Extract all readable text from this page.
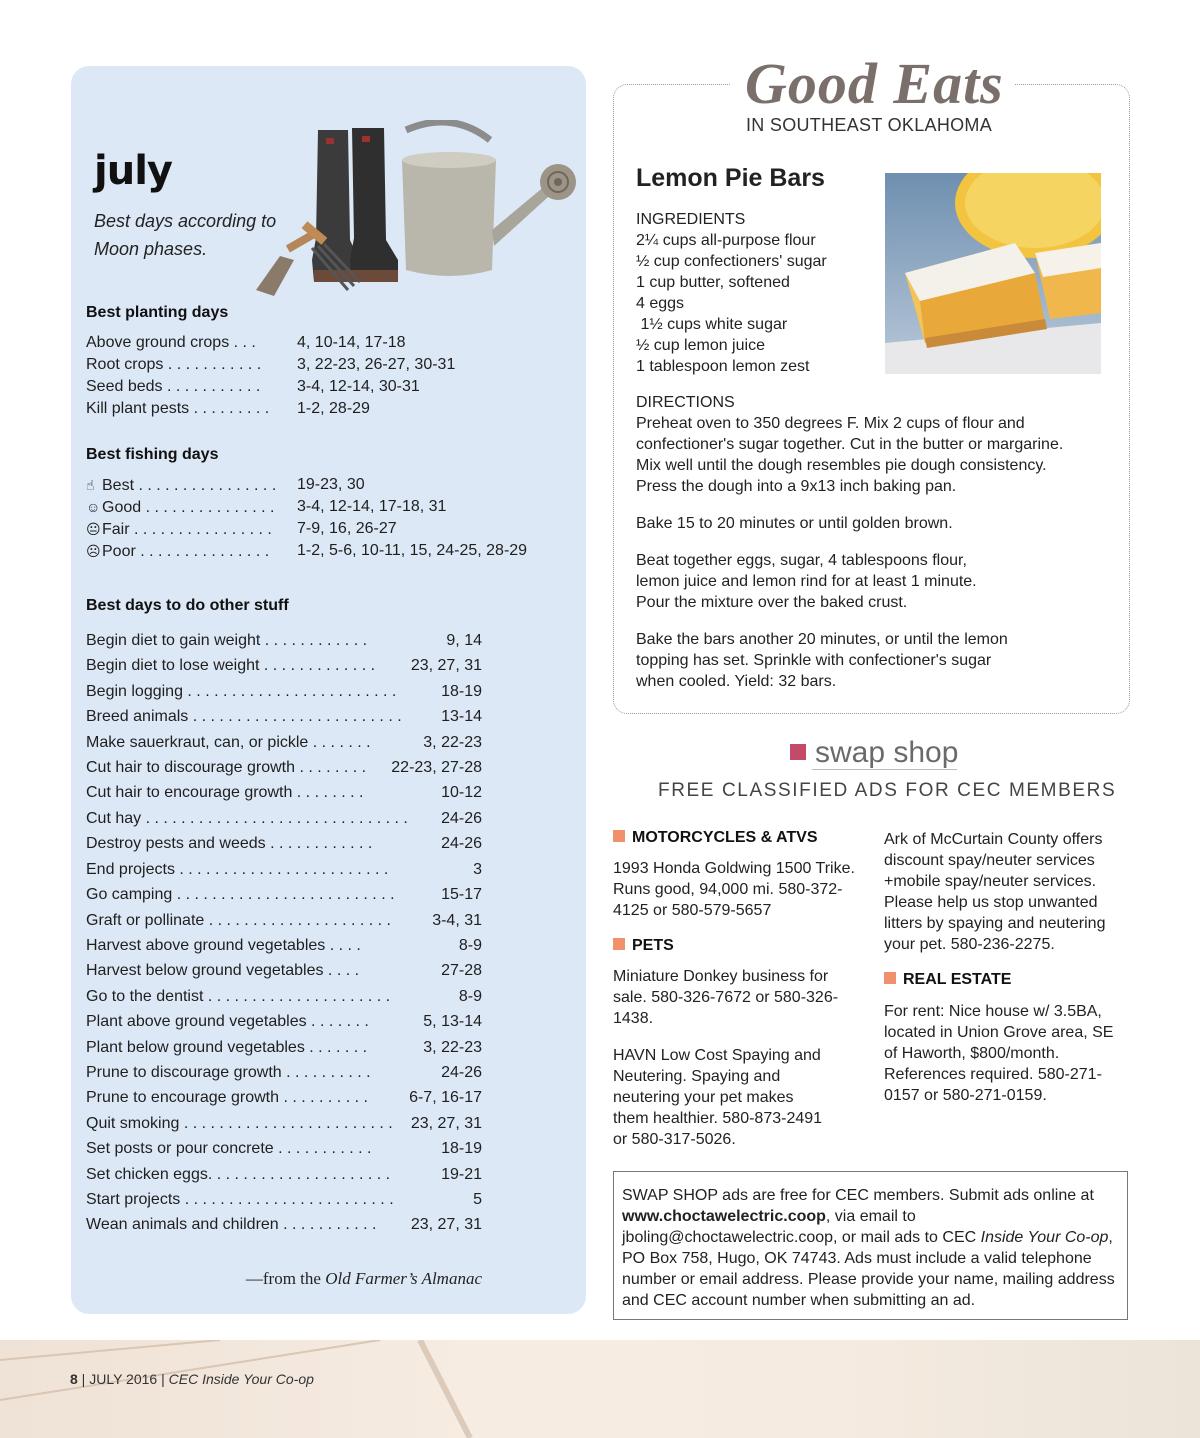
july
Best days according to Moon phases.
Best planting days
Above ground crops . . .	4, 10-14, 17-18
Root crops . . . . . . . . . . . 3, 22-23, 26-27, 30-31
Seed beds . . . . . . . . . . . 3-4, 12-14, 30-31
Kill plant pests . . . . . . . . . 1-2, 28-29
Best fishing days
☝ Best . . . . . . . . . . . . . . . . 19-23, 30
☺ Good . . . . . . . . . . . . . . . 3-4, 12-14, 17-18, 31
😐Fair . . . . . . . . . . . . . . . . 7-9, 16, 26-27
☹Poor . . . . . . . . . . . . . . . 1-2, 5-6, 10-11, 15, 24-25, 28-29
Best days to do other stuff
Begin diet to gain weight . . . . . . . . . . . .	9, 14
Begin diet to lose weight . . . . . . . . . . . . . 23, 27, 31
Begin logging . . . . . . . . . . . . . . . . . . . . . . . .	18-19
Breed animals . . . . . . . . . . . . . . . . . . . . . . . . 13-14
Make sauerkraut, can, or pickle . . . . . . .	3, 22-23
Cut hair to discourage growth . . . . . . . . 22-23, 27-28
Cut hair to encourage growth . . . . . . . .	10-12
Cut hay . . . . . . . . . . . . . . . . . . . . . . . . . . . . . . 24-26
Destroy pests and weeds . . . . . . . . . . . .	24-26
End projects . . . . . . . . . . . . . . . . . . . . . . . .	3
Go camping . . . . . . . . . . . . . . . . . . . . . . . . .	15-17
Graft or pollinate . . . . . . . . . . . . . . . . . . . . .	3-4, 31
Harvest above ground vegetables . . . .	8-9
Harvest below ground vegetables . . . .	27-28
Go to the dentist . . . . . . . . . . . . . . . . . . . . .	8-9
Plant above ground vegetables . . . . . . .	5, 13-14
Plant below ground vegetables . . . . . . .	3, 22-23
Prune to discourage growth . . . . . . . . . .	24-26
Prune to encourage growth . . . . . . . . . .	6-7, 16-17
Quit smoking . . . . . . . . . . . . . . . . . . . . . . . . 23, 27, 31
Set posts or pour concrete . . . . . . . . . . .	18-19
Set chicken eggs. . . . . . . . . . . . . . . . . . . . .	19-21
Start projects . . . . . . . . . . . . . . . . . . . . . . . .	5
Wean animals and children . . . . . . . . . . . 23, 27, 31
—from the Old Farmer’s Almanac
Good Eats
IN SOUTHEAST OKLAHOMA
Lemon Pie Bars
INGREDIENTS
2¼ cups all-purpose flour
½ cup confectioners' sugar
1 cup butter, softened
4 eggs
1½ cups white sugar
½ cup lemon juice
1 tablespoon lemon zest
DIRECTIONS
Preheat oven to 350 degrees F. Mix 2 cups of flour and confectioner's sugar together. Cut in the butter or margarine. Mix well until the dough resembles pie dough consistency. Press the dough into a 9x13 inch baking pan.
Bake 15 to 20 minutes or until golden brown.
Beat together eggs, sugar, 4 tablespoons flour, lemon juice and lemon rind for at least 1 minute. Pour the mixture over the baked crust.
Bake the bars another 20 minutes, or until the lemon topping has set. Sprinkle with confectioner's sugar when cooled. Yield: 32 bars.
swap shop
FREE CLASSIFIED ADS FOR CEC MEMBERS
MOTORCYCLES & ATVS
1993 Honda Goldwing 1500 Trike. Runs good, 94,000 mi. 580-372-4125 or 580-579-5657
PETS
Miniature Donkey business for sale. 580-326-7672 or 580-326-1438.
HAVN Low Cost Spaying and Neutering. Spaying and neutering your pet makes them healthier. 580-873-2491 or 580-317-5026.
Ark of McCurtain County offers discount spay/neuter services +mobile spay/neuter services. Please help us stop unwanted litters by spaying and neutering your pet. 580-236-2275.
REAL ESTATE
For rent: Nice house w/ 3.5BA, located in Union Grove area, SE of Haworth, $800/month. References required. 580-271-0157 or 580-271-0159.
SWAP SHOP ads are free for CEC members. Submit ads online at www.choctawelectric.coop, via email to jboling@choctawelectric.coop, or mail ads to CEC Inside Your Co-op, PO Box 758, Hugo, OK 74743. Ads must include a valid telephone number or email address. Please provide your name, mailing address and CEC account number when submitting an ad.
8 | JULY 2016 | CEC Inside Your Co-op
